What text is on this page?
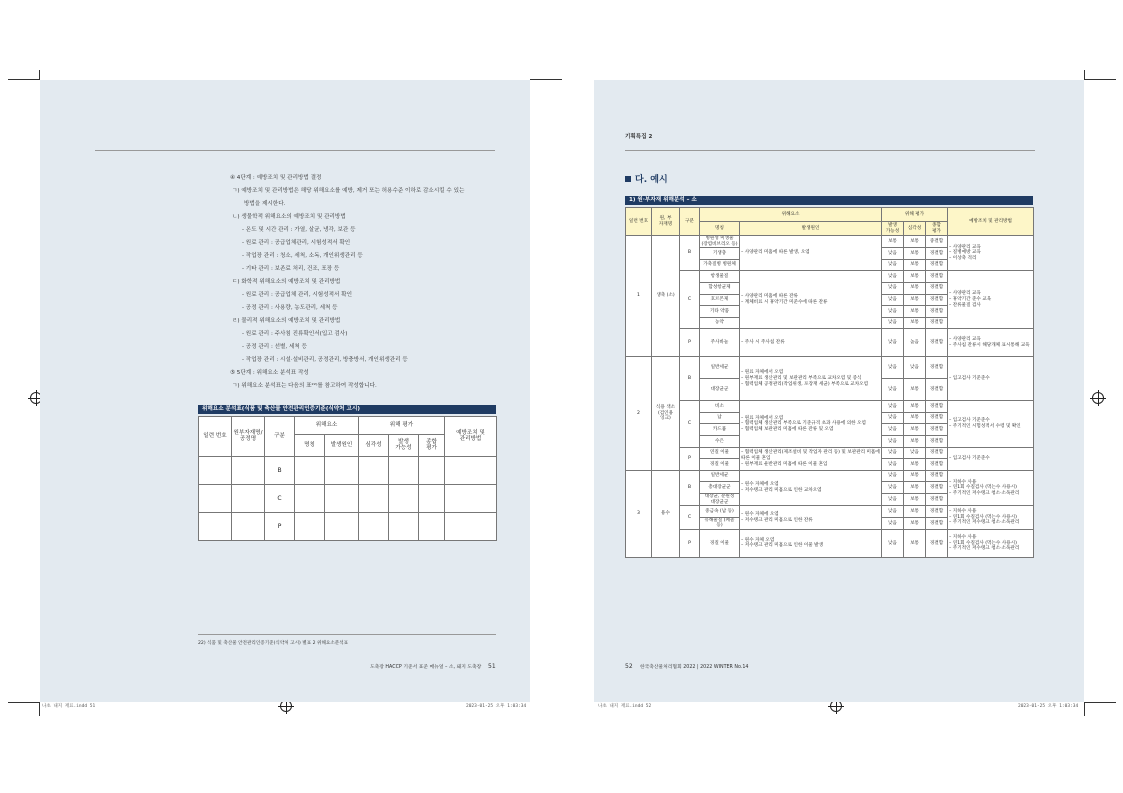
④ 4단계 : 예방조치 및 관리방법 결정
ㄱ) 예방조치 및 관리방법은 해당 위해요소를 예방, 제거 또는 허용수준 이하로 감소시킬 수 있는
방법을 제시한다.
ㄴ) 생물학적 위해요소의 예방조치 및 관리방법
- 온도 및 시간 관리 : 가열, 살균, 냉각, 보관 등
- 원료 관리 : 공급업체관리, 시험성적서 확인
- 작업장 관리 : 청소, 세척, 소독, 개인위생관리 등
- 기타 관리 : 보존료 처리, 건조, 포장 등
ㄷ) 화학적 위해요소의 예방조치 및 관리방법
- 원료 관리 : 공급업체 관리, 시험성적서 확인
- 공정 관리 : 사용량, 농도관리, 세척 등
ㄹ) 물리적 위해요소의 예방조치 및 관리방법
- 원료 관리 : 주사침 진류확인서(입고 검사)
- 공정 관리 : 선별, 세척 등
- 작업장 관리 : 시설·설비관리, 공정관리, 방충방서, 개인위생관리 등
⑤ 5단계 : 위해요소 분석표 작성
ㄱ) 위해요소 분석표는 다음의 표²²⁾를 참고하여 작성합니다.
위해요소 분석표(식품 및 축산물 안전관리인증기준(식약처 고시)
일련 번호	원부자재명/ 공정명	구분	위해요소		위해 평가			예방조치 및 관리방법
			명칭	발생원인	심각성	발생 가능성	종합 평가	
		B						
		C						
		P						
22) 식품 및 축산물 안전관리인증기준(식약처 고시) 별표 2 위해요소분석표
도축장 HACCP 기준서 표준 매뉴얼 – 소, 돼지 도축장 51
나초 내지 재료.indd 51	2023-01-25 오후 1:03:34
기획특집 2
다. 예시
1) 원·부자재 위해분석 – 소
일련 번호	원, 부 자재명	구분	위해요소		위해 평가			예방조치 및 관리방법
			명칭	발생원인	발생 가능성	심각성	종합 평가	
1	생축 (소)	B	병원성 미생물 (장염비브리오 등)	– 사양관리 미흡에 따른 발생, 오염	보통	보통	중결함	– 사양관리 교육
– 질병예방 교육
– 이상축 격리
			기생충		낮음	보통	경결함	
			가축질병 병원체		낮음	보통	경결함	
		C	항생물질	– 사양관리 미흡에 따른 잔류
– 계체비료 시 휴약기간 미준수에 따른 잔류	낮음	보통	경결함	– 사양관리 교육
– 휴약기간 준수 교육
– 잔류물질 검사
			합성항균제		낮음	보통	경결함	
			호르몬제		낮음	보통	경결함	
			기타 약품		낮음	보통	경결함	
			농약		낮음	보통	경결함	
		P	주사바늘	– 주사 시 주사침 잔류	낮음	높음	경결함	– 사양관리 교육
– 주사침 잔류시 해당개체 표시통해 교육
2	식용 색소 (검인용 잉크)	B	일반세균	– 원료 자체에서 오염
– 원부재료 생산관리 및 보관관리 부족으로 교차오염 및 증식
– 협력업체 공정관리(작업위생, 포장재 세균) 부족으로 교차오염	낮음	낮음	경결함	– 입고검사 기준준수
			대장균군		낮음	보통	경결함	
		C	비소	– 원료 자체에서 오염
– 협력업체 생산관리 부족으로 기준규격 초과 사용에 의한 오염
– 협력업체 보관관리 미흡에 따른 잔류 및 오염	낮음	보통	경결함	– 입고검사 기준준수
– 주기적인 시험성적서 수령 및 확인
			납		낮음	보통	경결함	
			카드뮴		낮음	보통	경결함	
			수은		낮음	보통	경결함	
		P	연질 이물	– 협력업체 생산관리(제조설비 및 작업자 관리 등) 및 보관관리 미흡에 따른 이물 혼입
– 원부재료 운반관리 미흡에 따른 이물 혼입	낮음	낮음	경결함	– 입고검사 기준준수
			경질 이물		낮음	보통	경결함	
3	용수	B	일반세균	– 원수 자체에 오염
– 저수탱크 관리 미흡으로 인한 교차오염	낮음	보통	경결함	– 지하수 사용
– 연1회 수질검사 (먹는수 사용시)
– 주기적인 저수탱크 청소·소독관리
			총대장균군		낮음	보통	경결함	
			대장균, 분원성 대장균군		낮음	보통	경결함	
		C	중금속 (납 등)	– 원수 자체에 오염
– 저수탱크 관리 미흡으로 인한 잔류	낮음	보통	경결함	– 지하수 사용
– 연1회 수질검사 (먹는수 사용시)
– 주기적인 저수탱크 청소·소독관리
			유해물질 (페놀 등)		낮음	보통	경결함	
		P	경질 이물	– 원수 자체 오염
– 저수탱크 관리 미흡으로 인한 이물 발생	낮음	보통	경결함	– 지하수 사용
– 연1회 수질검사 (먹는수 사용시)
– 주기적인 저수탱크 청소·소독관리
52 한국축산물처리협회 2022 | 2022 WINTER No.14
나초 내지 재료.indd 52	2023-01-25 오후 1:03:34
